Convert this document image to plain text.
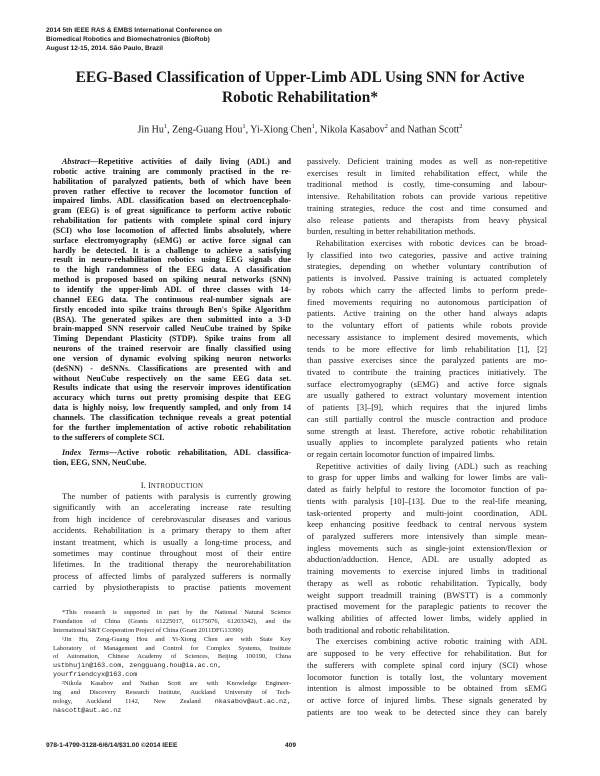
2014 5th IEEE RAS & EMBS International Conference on
Biomedical Robotics and Biomechatronics (BioRob)
August 12-15, 2014. São Paulo, Brazil
EEG-Based Classification of Upper-Limb ADL Using SNN for Active
Robotic Rehabilitation*
Jin Hu$^1$, Zeng-Guang Hou$^1$, Yi-Xiong Chen$^1$, Nikola Kasabov$^2$ and Nathan Scott$^2$
Abstract—Repetitive activities of daily living (ADL) and
robotic active training are commonly practised in the re-
habilitation of paralyzed patients, both of which have been
proven rather effective to recover the locomotor function of
impaired limbs. ADL classification based on electroencephalo-
gram (EEG) is of great significance to perform active robotic
rehabilitation for patients with complete spinal cord injury
(SCI) who lose locomotion of affected limbs absolutely, where
surface electromyography (sEMG) or active force signal can
hardly be detected. It is a challenge to achieve a satisfying
result in neuro-rehabilitation robotics using EEG signals due
to the high randomness of the EEG data. A classification
method is proposed based on spiking neural networks (SNN)
to identify the upper-limb ADL of three classes with 14-
channel EEG data. The continuous real-number signals are
firstly encoded into spike trains through Ben's Spike Algorithm
(BSA). The generated spikes are then submitted into a 3-D
brain-mapped SNN reservoir called NeuCube trained by Spike
Timing Dependant Plasticity (STDP). Spike trains from all
neurons of the trained reservoir are finally classified using
one version of dynamic evolving spiking neuron networks
(deSNN) - deSNNs. Classifications are presented with and
without NeuCube respectively on the same EEG data set.
Results indicate that using the reservoir improves identification
accuracy which turns out pretty promising despite that EEG
data is highly noisy, low frequently sampled, and only from 14
channels. The classification technique reveals a great potential
for the further implementation of active robotic rehabilitation
to the sufferers of complete SCI.
Index Terms—Active robotic rehabilitation, ADL classifica-
tion, EEG, SNN, NeuCube.
I. INTRODUCTION
The number of patients with paralysis is currently growing
significantly with an accelerating increase rate resulting
from high incidence of cerebrovascular diseases and various
accidents. Rehabilitation is a primary therapy to them after
instant treatment, which is usually a long-time process, and
sometimes may continue throughout most of their entire
lifetimes. In the traditional therapy the neurorehabilitation
process of affected limbs of paralyzed sufferers is normally
carried by physiotherapists to practise patients movement
passively. Deficient training modes as well as non-repetitive
exercises result in limited rehabilitation effect, while the
traditional method is costly, time-consuming and labour-
intensive. Rehabilitation robots can provide various repetitive
training strategies, reduce the cost and time consumed and
also release patients and therapists from heavy physical
burden, resulting in better rehabilitation methods.
Rehabilitation exercises with robotic devices can be broad-
ly classified into two categories, passive and active training
strategies, depending on whether voluntary contribution of
patients is involved. Passive training is actuated completely
by robots which carry the affected limbs to perform prede-
fined movements requiring no autonomous participation of
patients. Active training on the other hand always adapts
to the voluntary effort of patients while robots provide
necessary assistance to implement desired movements, which
tends to be more effective for limb rehabilitation [1], [2]
than passive exercises since the paralyzed patients are mo-
tivated to contribute the training practices initiatively. The
surface electromyography (sEMG) and active force signals
are usually gathered to extract voluntary movement intention
of patients [3]–[9], which requires that the injured limbs
can still partially control the muscle contraction and produce
some strength at least. Therefore, active robotic rehabilitation
usually applies to incomplete paralyzed patients who retain
or regain certain locomotor function of impaired limbs.
Repetitive activities of daily living (ADL) such as reaching
to grasp for upper limbs and walking for lower limbs are vali-
dated as fairly helpful to restore the locomotor function of pa-
tients with paralysis [10]–[13]. Due to the real-life meaning,
task-oriented property and multi-joint coordination, ADL
keep enhancing positive feedback to central nervous system
of paralyzed sufferers more intensively than simple mean-
ingless movements such as single-joint extension/flexion or
abduction/adduction. Hence, ADL are usually adopted as
training movements to exercise injured limbs in traditional
therapy as well as robotic rehabilitation. Typically, body
weight support treadmill training (BWSTT) is a commonly
practised movement for the paraplegic patients to recover the
walking abilities of affected lower limbs, widely applied in
both traditional and robotic rehabilitation.
The exercises combining active robotic training with ADL
are supposed to be very effective for rehabilitation. But for
the sufferers with complete spinal cord injury (SCI) whose
locomotor function is totally lost, the voluntary movement
intention is almost impossible to be obtained from sEMG
or active force of injured limbs. These signals generated by
patients are too weak to be detected since they can barely
*This research is supported in part by the National Natural Science
Foundation of China (Grants 61225017, 61175076, 61203342), and the
International S&T Cooperation Project of China (Grant 2011DFG13390)
¹Jin Hu, Zeng-Guang Hou and Yi-Xiong Chen are with State Key
Laboratory of Management and Control for Complex Systems, Institute
of Automation, Chinese Academy of Sciences, Beijing 100190, China
ustbhujin@163.com, zengguang.hou@ia.ac.cn,
yourfriendcyx@163.com
²Nikola Kasabov and Nathan Scott are with Knowledge Engineer-
ing and Discovery Research Institute, Auckland University of Tech-
nology, Auckland 1142, New Zealand nkasabov@aut.ac.nz,
nascott@aut.ac.nz
978-1-4799-3128-6/6/14/$31.00 ©2014 IEEE	409
